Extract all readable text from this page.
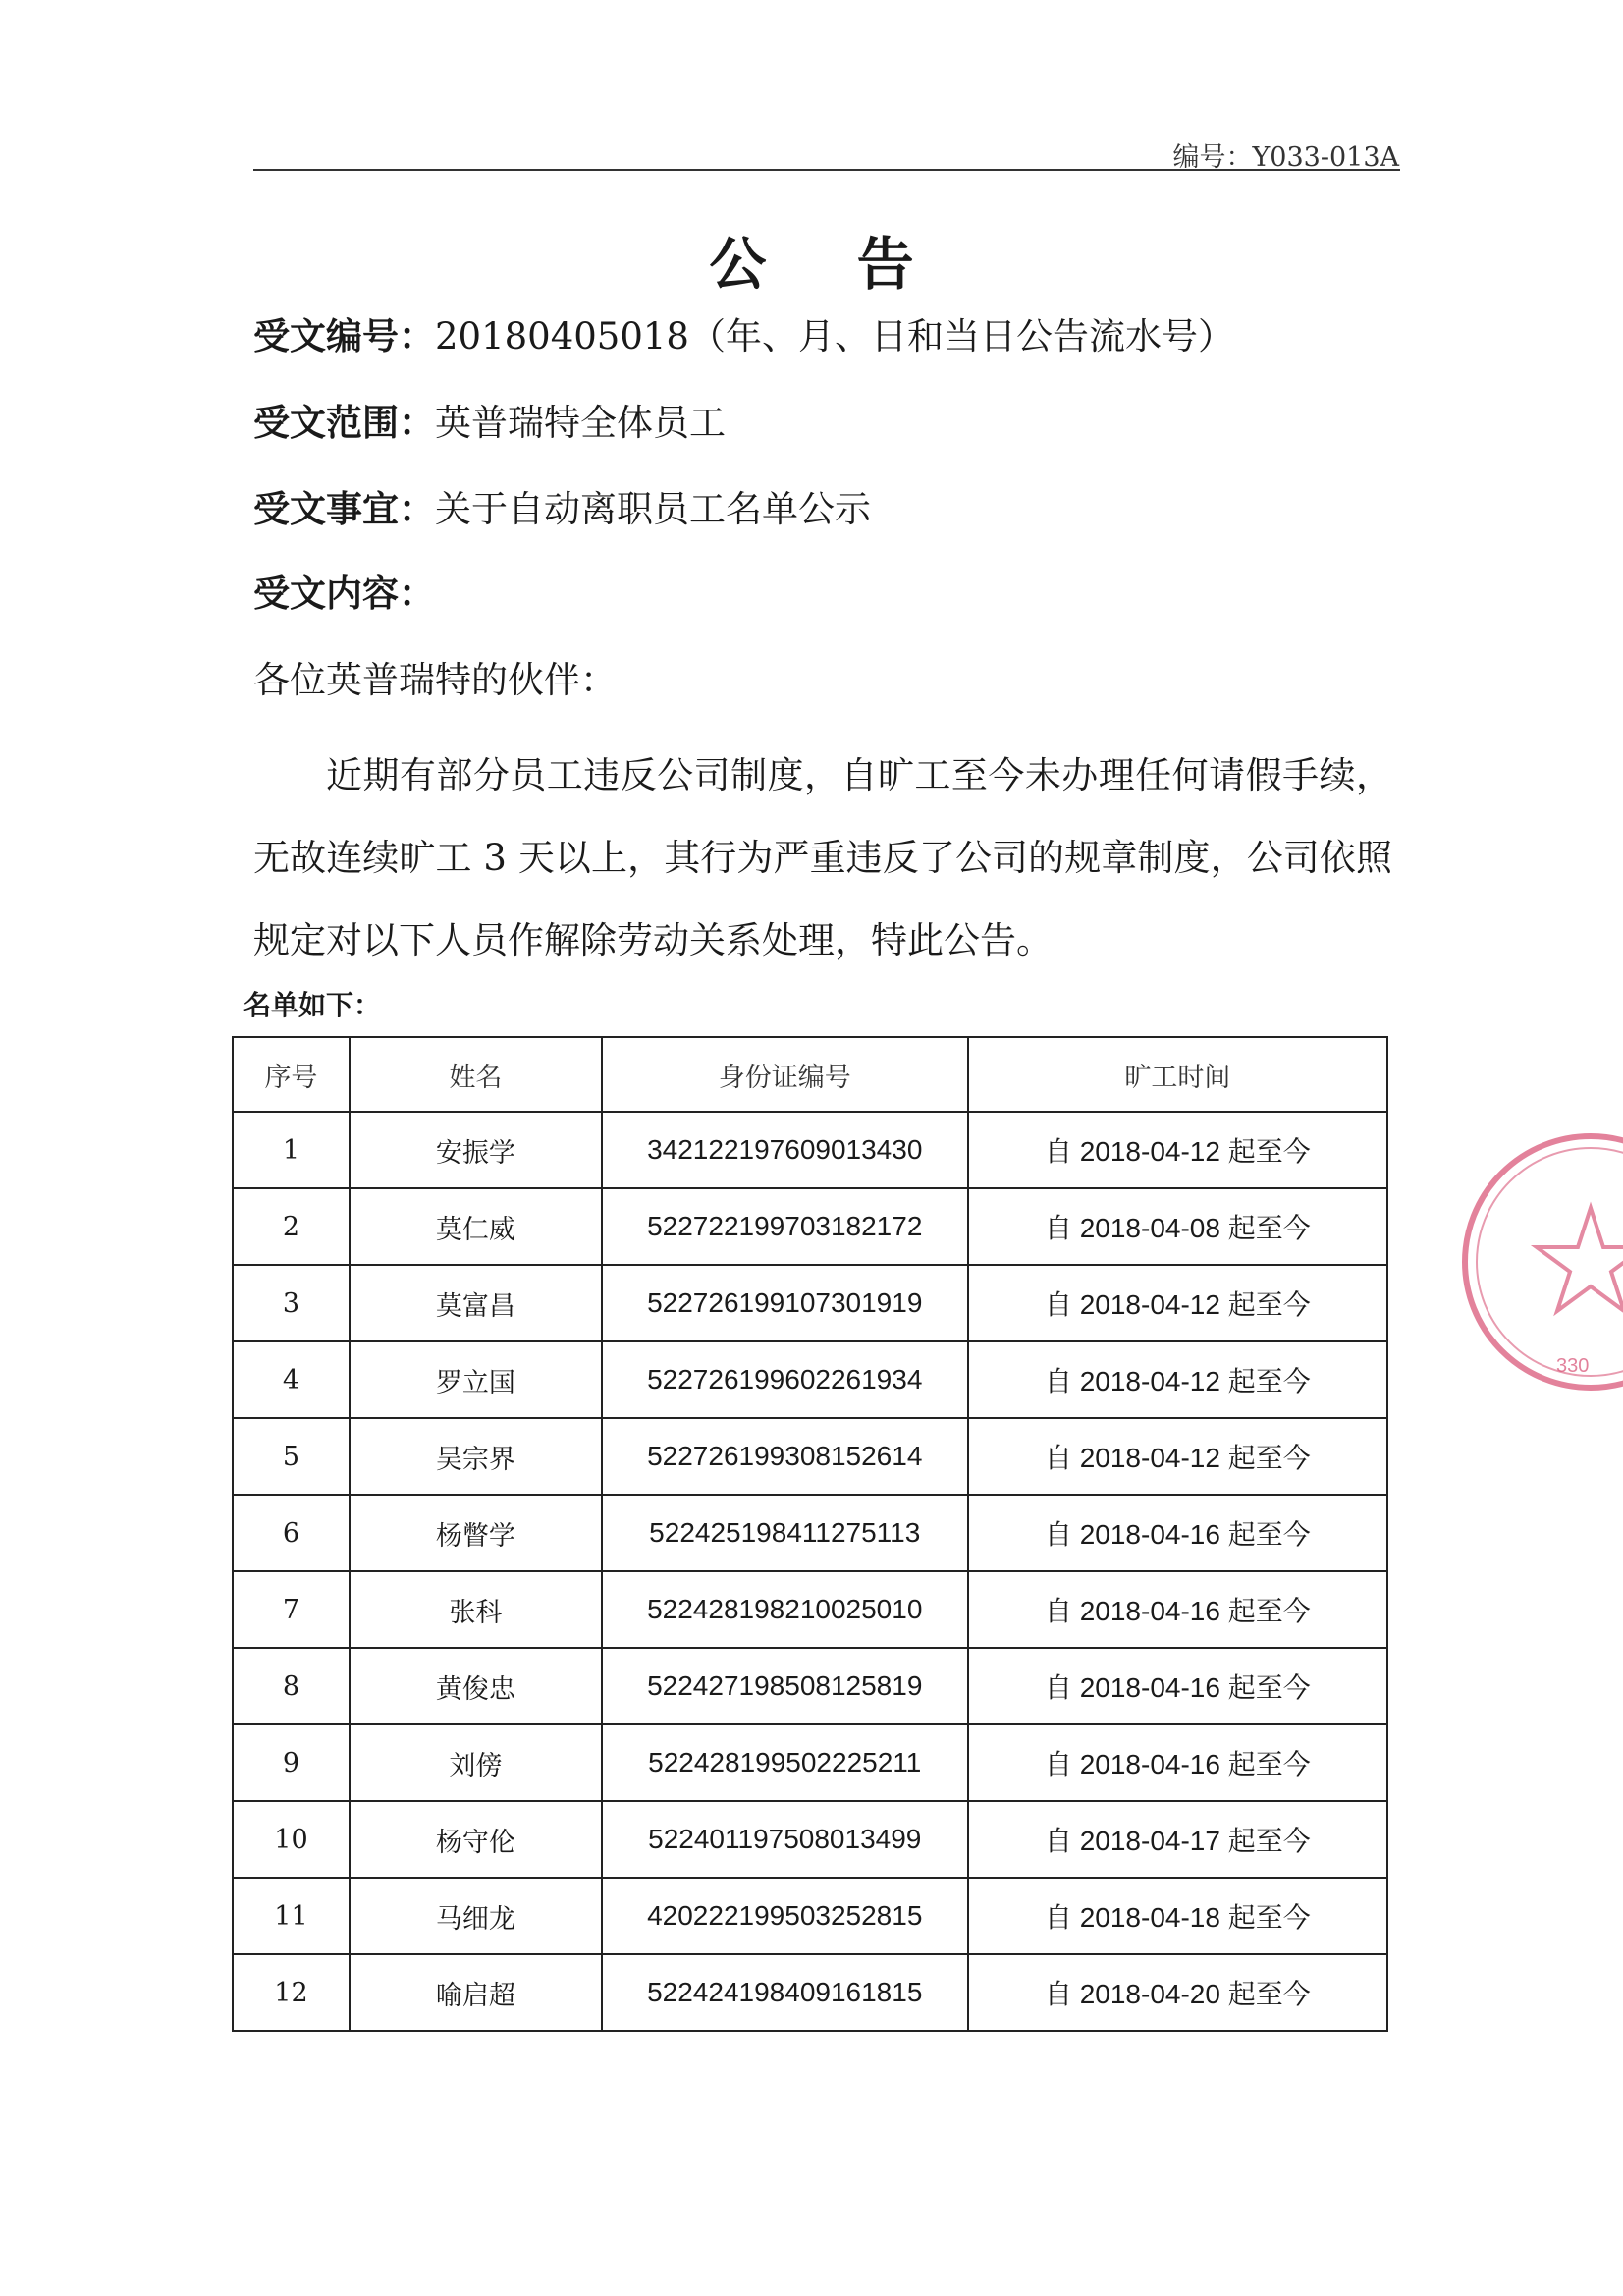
编号：Y033-013A
公 告
受文编号：20180405018（年、月、日和当日公告流水号）
受文范围：英普瑞特全体员工
受文事宜：关于自动离职员工名单公示
受文内容：
各位英普瑞特的伙伴：
近期有部分员工违反公司制度，自旷工至今未办理任何请假手续，无故连续旷工 3 天以上，其行为严重违反了公司的规章制度，公司依照规定对以下人员作解除劳动关系处理，特此公告。
名单如下：
序号	姓名	身份证编号	旷工时间
1	安振学	342122197609013430	自 2018-04-12 起至今
2	莫仁威	522722199703182172	自 2018-04-08 起至今
3	莫富昌	522726199107301919	自 2018-04-12 起至今
4	罗立国	522726199602261934	自 2018-04-12 起至今
5	吴宗界	522726199308152614	自 2018-04-12 起至今
6	杨瞥学	522425198411275113	自 2018-04-16 起至今
7	张科	522428198210025010	自 2018-04-16 起至今
8	黄俊忠	522427198508125819	自 2018-04-16 起至今
9	刘傍	522428199502225211	自 2018-04-16 起至今
10	杨守伦	522401197508013499	自 2018-04-17 起至今
11	马细龙	420222199503252815	自 2018-04-18 起至今
12	喻启超	522424198409161815	自 2018-04-20 起至今
330
